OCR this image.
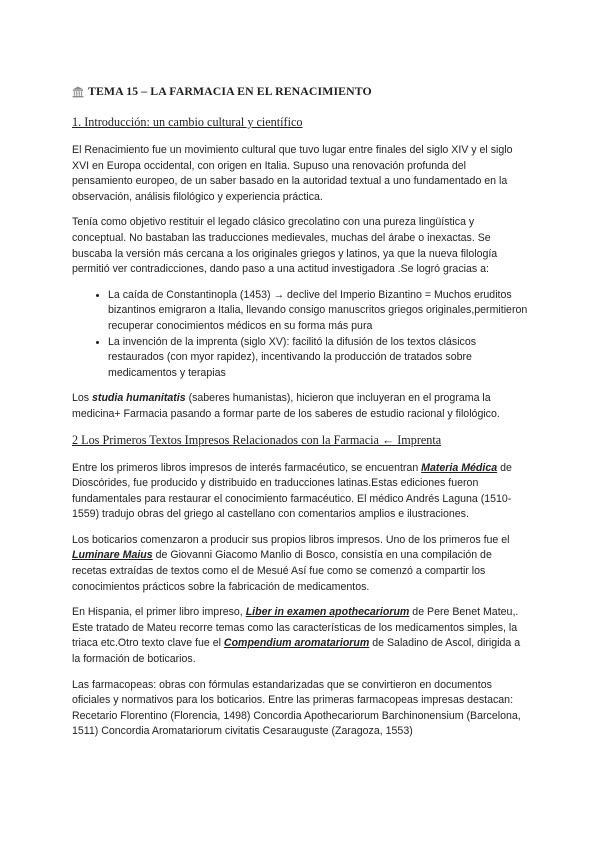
TEMA 15 – LA FARMACIA EN EL RENACIMIENTO
1. Introducción: un cambio cultural y científico

El Renacimiento fue un movimiento cultural que tuvo lugar entre finales del siglo XIV y el siglo XVI en Europa occidental, con origen en Italia. Supuso una renovación profunda del pensamiento europeo, de un saber basado en la autoridad textual a uno fundamentado en la observación, análisis filológico y experiencia práctica.

Tenía como objetivo restituir el legado clásico grecolatino con una pureza lingüística y conceptual. No bastaban las traducciones medievales, muchas del árabe o inexactas. Se buscaba la versión más cercana a los originales griegos y latinos, ya que la nueva filología permitió ver contradicciones, dando paso a una actitud investigadora .Se logró gracias a:

• La caída de Constantinopla (1453) → declive del Imperio Bizantino = Muchos eruditos bizantinos emigraron a Italia, llevando consigo manuscritos griegos originales,permitieron recuperar conocimientos médicos en su forma más pura
• La invención de la imprenta (siglo XV): facilitó la difusión de los textos clásicos restaurados (con myor rapidez), incentivando la producción de tratados sobre medicamentos y terapias

Los studia humanitatis (saberes humanistas), hicieron que incluyeran en el programa la medicina+ Farmacia pasando a formar parte de los saberes de estudio racional y filológico.

2 Los Primeros Textos Impresos Relacionados con la Farmacia ← Imprenta

Entre los primeros libros impresos de interés farmacéutico, se encuentran Materia Médica de Dioscórides, fue producido y distribuido en traducciones latinas.Estas ediciones fueron fundamentales para restaurar el conocimiento farmacéutico. El médico Andrés Laguna (1510-1559) tradujo obras del griego al castellano con comentarios amplios e ilustraciones.

Los boticarios comenzaron a producir sus propios libros impresos. Uno de los primeros fue el Luminare Maius de Giovanni Giacomo Manlio di Bosco, consistía en una compilación de recetas extraídas de textos como el de Mesué Así fue como se comenzó a compartir los conocimientos prácticos sobre la fabricación de medicamentos.

En Hispania, el primer libro impreso, Liber in examen apothecariorum de Pere Benet Mateu,. Este tratado de Mateu recorre temas como las características de los medicamentos simples, la triaca etc.Otro texto clave fue el Compendium aromatariorum de Saladino de Ascol, dirigida a la formación de boticarios.

Las farmacopeas: obras con fórmulas estandarizadas que se convirtieron en documentos oficiales y normativos para los boticarios. Entre las primeras farmacopeas impresas destacan: Recetario Florentino (Florencia, 1498) Concordia Apothecariorum Barchinonensium (Barcelona, 1511) Concordia Aromatariorum civitatis Cesarauguste (Zaragoza, 1553)
